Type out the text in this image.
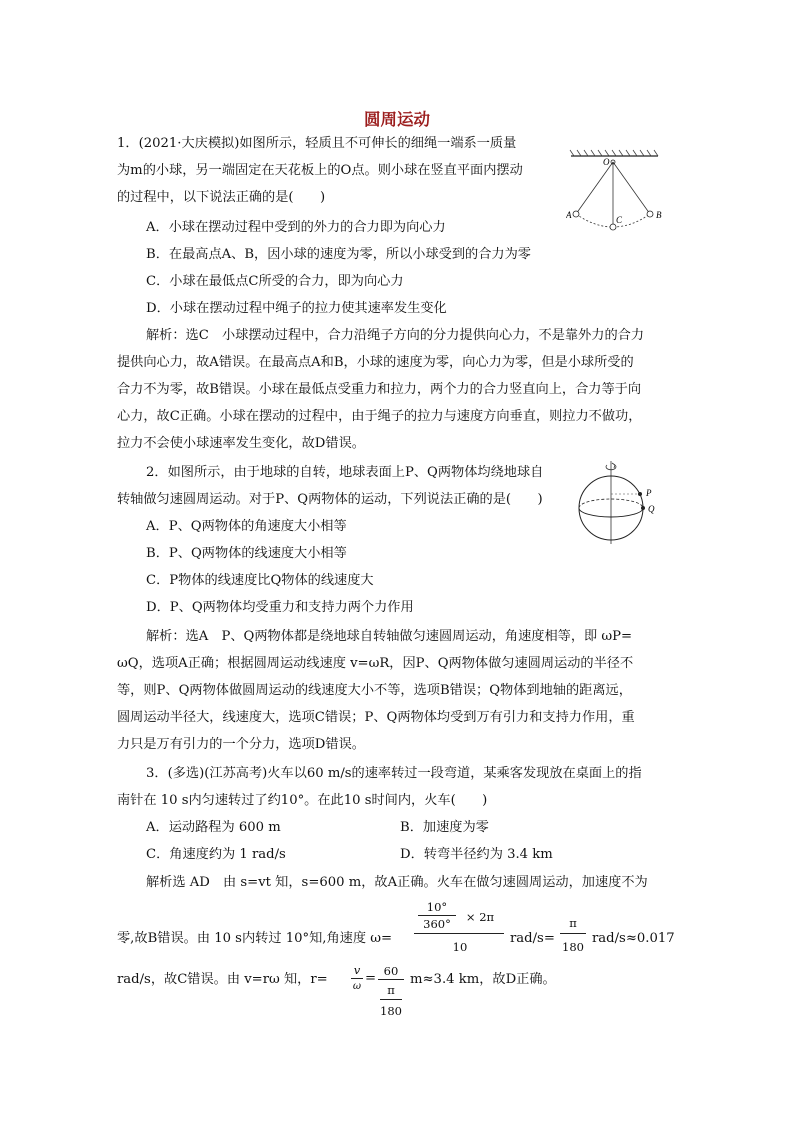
圆周运动
1．(2021·大庆模拟)如图所示，轻质且不可伸长的细绳一端系一质量
为m的小球，另一端固定在天花板上的O点。则小球在竖直平面内摆动
的过程中，以下说法正确的是(　　)
A．小球在摆动过程中受到的外力的合力即为向心力
B．在最高点A、B，因小球的速度为零，所以小球受到的合力为零
C．小球在最低点C所受的合力，即为向心力
D．小球在摆动过程中绳子的拉力使其速率发生变化
解析：选C　小球摆动过程中，合力沿绳子方向的分力提供向心力，不是靠外力的合力
提供向心力，故A错误。在最高点A和B，小球的速度为零，向心力为零，但是小球所受的
合力不为零，故B错误。小球在最低点受重力和拉力，两个力的合力竖直向上，合力等于向
心力，故C正确。小球在摆动的过程中，由于绳子的拉力与速度方向垂直，则拉力不做功，
拉力不会使小球速率发生变化，故D错误。
O
A	B
C
2．如图所示，由于地球的自转，地球表面上P、Q两物体均绕地球自
转轴做匀速圆周运动。对于P、Q两物体的运动，下列说法正确的是(　　)
A．P、Q两物体的角速度大小相等
B．P、Q两物体的线速度大小相等
C．P物体的线速度比Q物体的线速度大
D．P、Q两物体均受重力和支持力两个力作用
解析：选A　P、Q两物体都是绕地球自转轴做匀速圆周运动，角速度相等，即 ωP=
ωQ，选项A正确；根据圆周运动线速度 v=ωR，因P、Q两物体做匀速圆周运动的半径不
等，则P、Q两物体做圆周运动的线速度大小不等，选项B错误；Q物体到地轴的距离远，
圆周运动半径大，线速度大，选项C错误；P、Q两物体均受到万有引力和支持力作用，重
力只是万有引力的一个分力，选项D错误。
P
Q
3．(多选)(江苏高考)火车以60 m/s的速率转过一段弯道，某乘客发现放在桌面上的指
南针在 10 s内匀速转过了约10°。在此10 s时间内，火车(　　)
A．运动路程为 600 m	B．加速度为零
C．角速度约为 1 rad/s	D．转弯半径约为 3.4 km
解析选 AD　由 s=vt 知，s=600 m，故A正确。火车在做匀速圆周运动，加速度不为
零,故B错误。由 10 s内转过 10°知,角速度 ω=
10°
360°	× 2π
10
rad/s=
π
180
rad/s≈0.017
rad/s，故C错误。由 v=rω 知，r=
v
ω
= 60
π
180
m≈3.4 km，故D正确。
